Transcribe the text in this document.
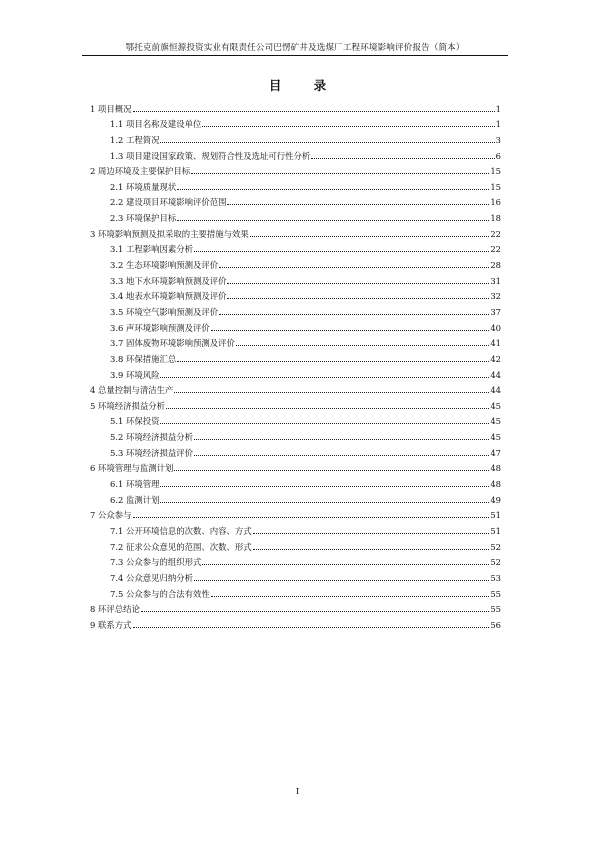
鄂托克前旗恒源投资实业有限责任公司巴愣矿井及选煤厂工程环境影响评价报告（简本）
目 录
1 项目概况	1
1.1 项目名称及建设单位	1
1.2 工程简况	3
1.3 项目建设国家政策、规划符合性及选址可行性分析	6
2 周边环境及主要保护目标	15
2.1 环境质量现状	15
2.2 建设项目环境影响评价范围	16
2.3 环境保护目标	18
3 环境影响预测及拟采取的主要措施与效果	22
3.1 工程影响因素分析	22
3.2 生态环境影响预测及评价	28
3.3 地下水环境影响预测及评价	31
3.4 地表水环境影响预测及评价	32
3.5 环境空气影响预测及评价	37
3.6 声环境影响预测及评价	40
3.7 固体废物环境影响预测及评价	41
3.8 环保措施汇总	42
3.9 环境风险	44
4 总量控制与清洁生产	44
5 环境经济损益分析	45
5.1 环保投资	45
5.2 环境经济损益分析	45
5.3 环境经济损益评价	47
6 环境管理与监测计划	48
6.1 环境管理	48
6.2 监测计划	49
7 公众参与	51
7.1 公开环境信息的次数、内容、方式	51
7.2 征求公众意见的范围、次数、形式	52
7.3 公众参与的组织形式	52
7.4 公众意见归纳分析	53
7.5 公众参与的合法有效性	55
8 环评总结论	55
9 联系方式	56
I
